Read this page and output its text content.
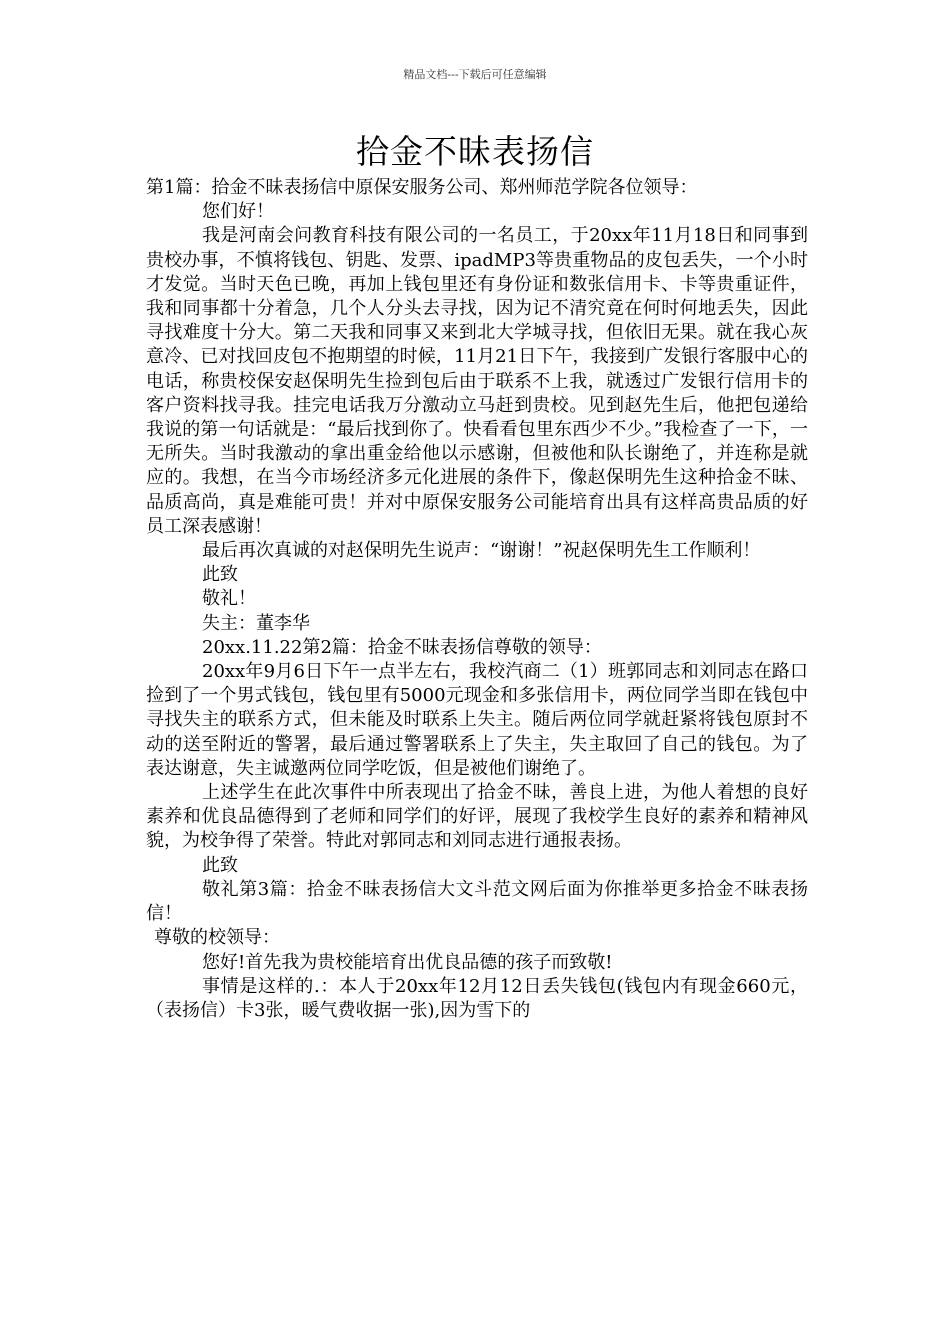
精品文档---下载后可任意编辑
拾金不昧表扬信

第1篇：拾金不昧表扬信中原保安服务公司、郑州师范学院各位领导：

您们好！

我是河南会问教育科技有限公司的一名员工，于20xx年11月18日和同事到贵校办事，不慎将钱包、钥匙、发票、ipadMP3等贵重物品的皮包丢失，一个小时才发觉。当时天色已晚，再加上钱包里还有身份证和数张信用卡、卡等贵重证件，我和同事都十分着急，几个人分头去寻找，因为记不清究竟在何时何地丢失，因此寻找难度十分大。第二天我和同事又来到北大学城寻找，但依旧无果。就在我心灰意冷、已对找回皮包不抱期望的时候，11月21日下午，我接到广发银行客服中心的电话，称贵校保安赵保明先生捡到包后由于联系不上我，就透过广发银行信用卡的客户资料找寻我。挂完电话我万分激动立马赶到贵校。见到赵先生后，他把包递给我说的第一句话就是：“最后找到你了。快看看包里东西少不少。”我检查了一下，一无所失。当时我激动的拿出重金给他以示感谢，但被他和队长谢绝了，并连称是就应的。我想，在当今市场经济多元化进展的条件下，像赵保明先生这种拾金不昧、品质高尚，真是难能可贵！并对中原保安服务公司能培育出具有这样高贵品质的好员工深表感谢！

最后再次真诚的对赵保明先生说声：“谢谢！”祝赵保明先生工作顺利！

此致

敬礼！

失主：董李华

20xx.11.22第2篇：拾金不昧表扬信尊敬的领导：

20xx年9月6日下午一点半左右，我校汽商二（1）班郭同志和刘同志在路口捡到了一个男式钱包，钱包里有5000元现金和多张信用卡，两位同学当即在钱包中寻找失主的联系方式，但未能及时联系上失主。随后两位同学就赶紧将钱包原封不动的送至附近的警署，最后通过警署联系上了失主，失主取回了自己的钱包。为了表达谢意，失主诚邀两位同学吃饭，但是被他们谢绝了。

上述学生在此次事件中所表现出了拾金不昧，善良上进，为他人着想的良好素养和优良品德得到了老师和同学们的好评，展现了我校学生良好的素养和精神风貌，为校争得了荣誉。特此对郭同志和刘同志进行通报表扬。

此致

敬礼第3篇：拾金不昧表扬信大文斗范文网后面为你推举更多拾金不昧表扬信！

尊敬的校领导：

您好!首先我为贵校能培育出优良品德的孩子而致敬!

事情是这样的.：本人于20xx年12月12日丢失钱包(钱包内有现金660元，（表扬信）卡3张，暖气费收据一张),因为雪下的
